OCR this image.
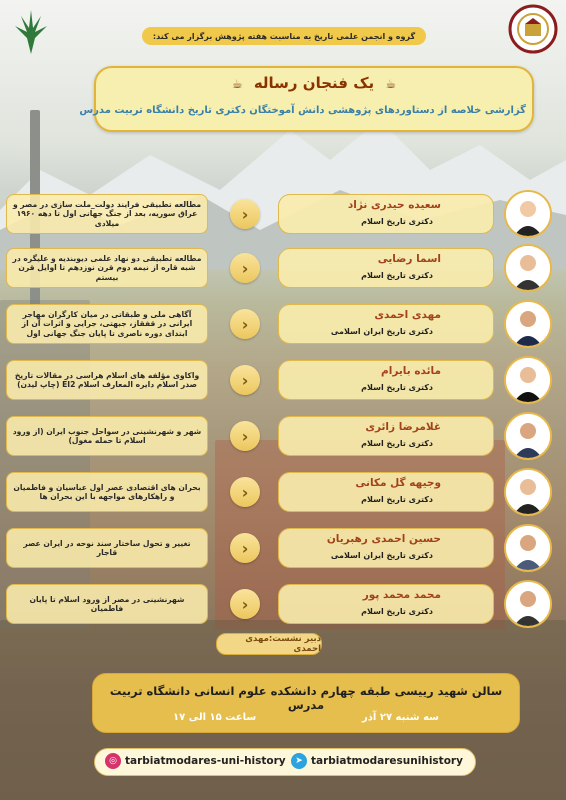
گروه و انجمن علمی تاریخ به مناسبت هفته پژوهش برگزار می کند:
☕ یک فنجان رساله ☕
گزارشی خلاصه از دستاوردهای پژوهشی دانش آموختگان دکتری تاریخ دانشگاه تربیت مدرس
مطالعه تطبیقی فرایند دولت_ملت سازی در مصر و عراق سوریه، بعد از جنگ جهانی اول تا دهه ۱۹۶۰ میلادی	›	سعیده حیدری نژاد
دکتری تاریخ اسلام
مطالعه تطبیقی دو نهاد علمی دیوبندیه و علیگره در شبه قاره از نیمه دوم قرن نوزدهم تا اوایل قرن بیستم	›	اسما رضایی
دکتری تاریخ اسلام
آگاهی ملی و طبقاتی در میان کارگران مهاجر ایرانی در قفقاز، جبهتی، جرایی و اثرات آن از ابتدای دوره ناصری تا پایان جنگ جهانی اول	›	مهدی احمدی
دکتری تاریخ ایران اسلامی
واکاوی مؤلفه های اسلام هراسی در مقالات تاریخ صدر اسلام دایره المعارف اسلام EI2 (چاپ لیدن)	›	مائده بایرام
دکتری تاریخ اسلام
شهر و شهرنشینی در سواحل جنوب ایران (از ورود اسلام تا حمله مغول)	›	غلامرضا زائری
دکتری تاریخ اسلام
بحران های اقتصادی عصر اول عباسیان و فاطمیان و راهکارهای مواجهه با این بحران ها	›	وجیهه گل مکانی
دکتری تاریخ اسلام
تغییر و تحول ساختار سند نوحه در ایران عصر قاجار	›	حسین احمدی رهبریان
دکتری تاریخ ایران اسلامی
شهرنشینی در مصر از ورود اسلام تا پایان فاطمیان	›	محمد محمد پور
دکتری تاریخ اسلام
دبیر نشست:مهدی احمدی
سالن شهید رییسی طبقه چهارم دانشکده علوم انسانی دانشگاه تربیت مدرس
سه شنبه ۲۷ آذر
ساعت ۱۵ الی ۱۷
◎ tarbiatmodares-uni-history	➤ tarbiatmodaresunihistory
